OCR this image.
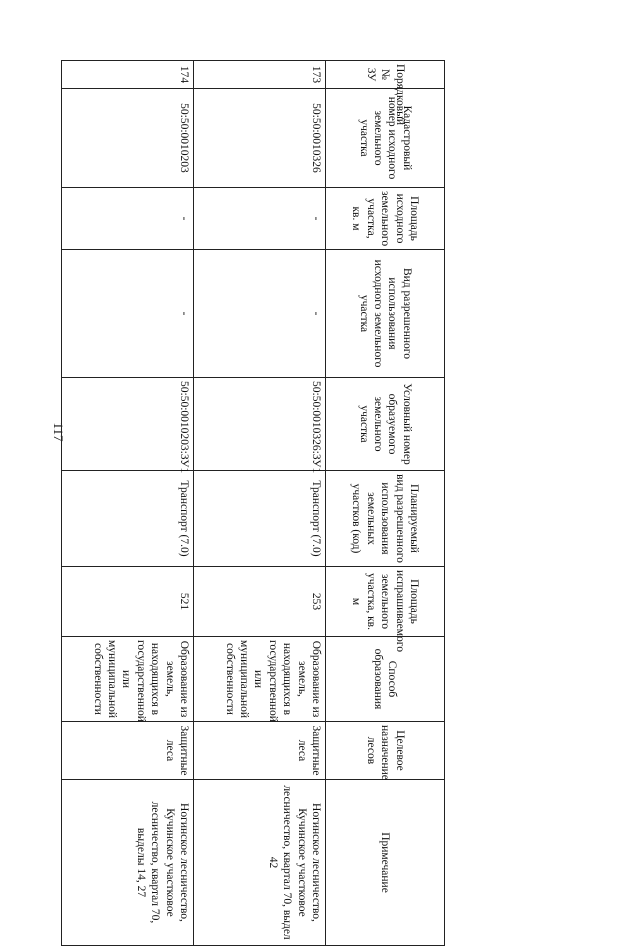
117
Порядковый № ЗУ	Кадастровый номер исходного земельного участка	Площадь исходного земельного участка, кв. м	Вид разрешенного использования исходного земельного участка	Условный номер образуемого земельного участка	Планируемый вид разрешенного использования земельных участков (код)	Площадь испрашиваемого земельного участка, кв. м	Способ образования	Целевое назначение лесов	Примечание
173	50:50:0010326	-	-	50:50:0010326:ЗУ1	Транспорт (7.0)	253	Образование из земель, находящихся в государственной или муниципальной собственности	Защитные леса	Ногинское лесничество, Кучинское участковое лесничество, квартал 70, выдел 42
174	50:50:0010203	-	-	50:50:0010203:ЗУ1	Транспорт (7.0)	521	Образование из земель, находящихся в государственной или муниципальной собственности	Защитные леса	Ногинское лесничество, Кучинское участковое лесничество, квартал 70, выделы 14, 27
